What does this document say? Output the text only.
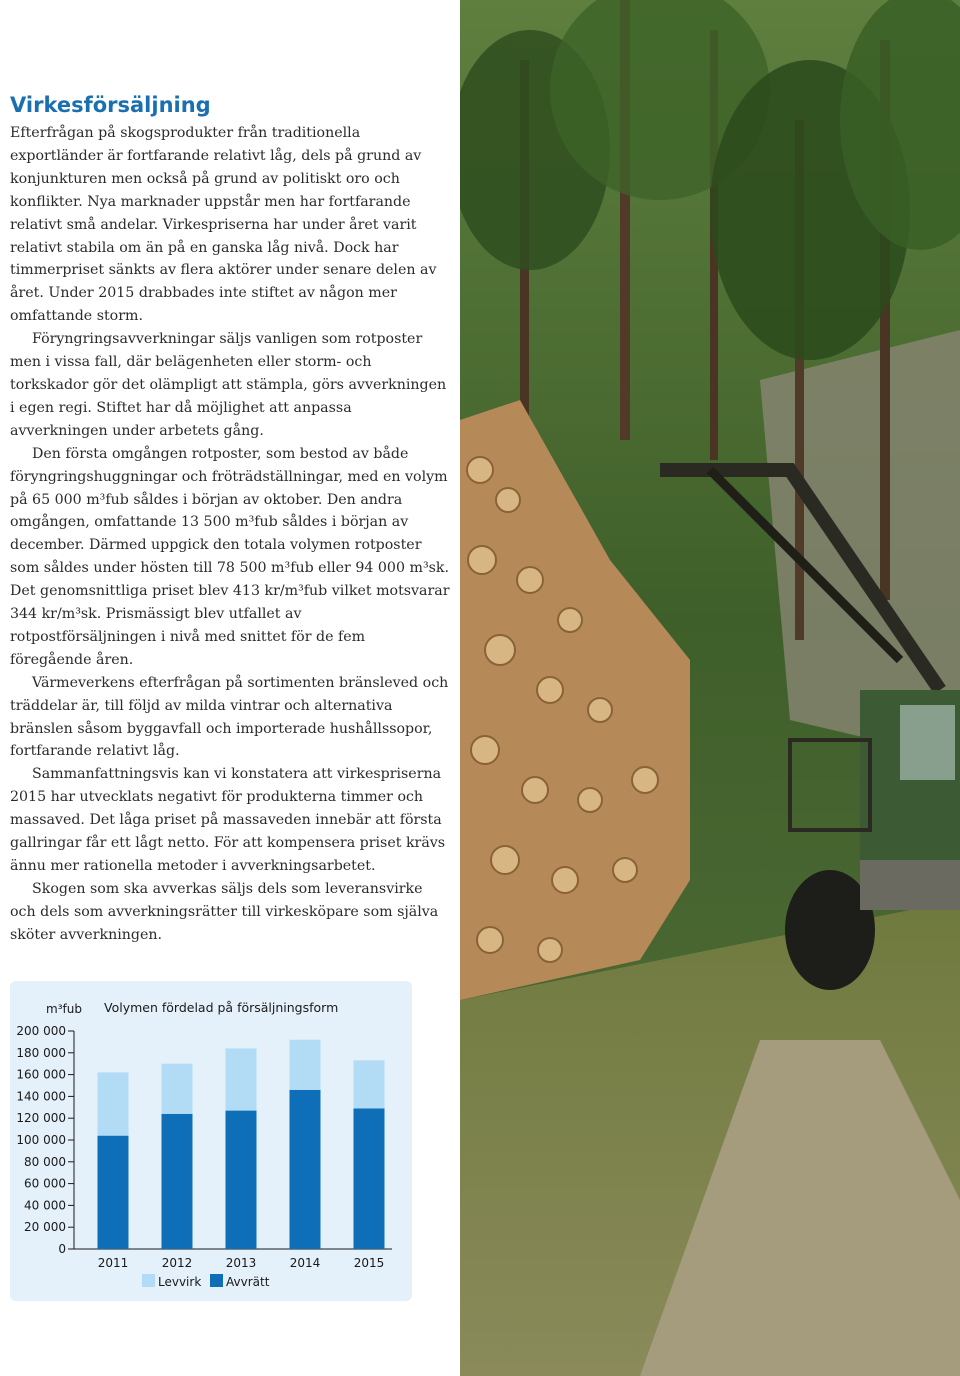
Virkesförsäljning

Efterfrågan på skogsprodukter från traditionella exportländer är fortfarande relativt låg, dels på grund av konjunkturen men också på grund av politiskt oro och konflikter. Nya marknader uppstår men har fortfarande relativt små andelar. Virkespriserna har under året varit relativt stabila om än på en ganska låg nivå. Dock har timmerpriset sänkts av flera aktörer under senare delen av året. Under 2015 drabbades inte stiftet av någon mer omfattande storm.

Föryngringsavverkningar säljs vanligen som rotposter men i vissa fall, där belägenheten eller storm- och torkskador gör det olämpligt att stämpla, görs avverkningen i egen regi. Stiftet har då möjlighet att anpassa avverkningen under arbetets gång.

Den första omgången rotposter, som bestod av både föryngringshuggningar och fröträdställningar, med en volym på 65 000 m³fub såldes i början av oktober. Den andra omgången, omfattande 13 500 m³fub såldes i början av december. Därmed uppgick den totala volymen rotposter som såldes under hösten till 78 500 m³fub eller 94 000 m³sk. Det genomsnittliga priset blev 413 kr/m³fub vilket motsvarar 344 kr/m³sk. Prismässigt blev utfallet av rotpostförsäljningen i nivå med snittet för de fem föregående åren.

Värmeverkens efterfrågan på sortimenten bränsleved och träddelar är, till följd av milda vintrar och alternativa bränslen såsom byggavfall och importerade hushållssopor, fortfarande relativt låg.

Sammanfattningsvis kan vi konstatera att virkespriserna 2015 har utvecklats negativt för produkterna timmer och massaved. Det låga priset på massaveden innebär att första gallringar får ett lågt netto. För att kompensera priset krävs ännu mer rationella metoder i avverkningsarbetet.

Skogen som ska avverkas säljs dels som leveransvirke och dels som avverkningsrätter till virkesköpare som själva sköter avverkningen.

m³fub Volymen fördelad på försäljningsform
0
20 000
40 000
60 000
80 000
100 000
120 000
140 000
160 000
180 000
200 000
2011	2012	2013	2014	2015
Levvirk Avvrätt
